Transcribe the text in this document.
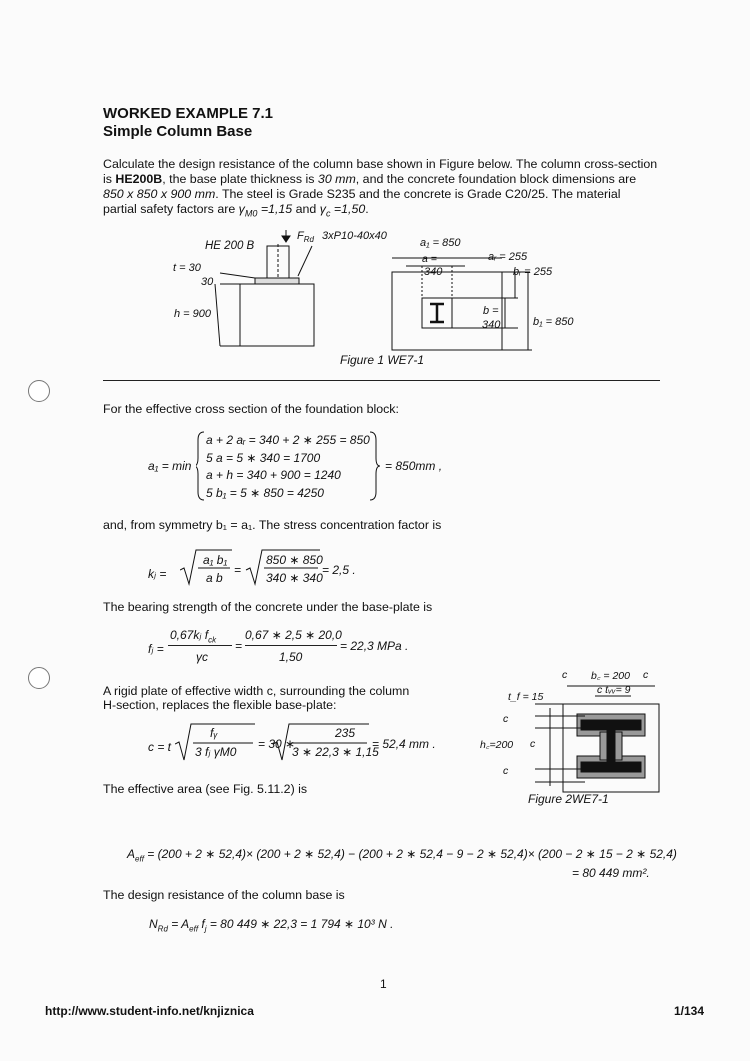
WORKED EXAMPLE 7.1
Simple Column Base
Calculate the design resistance of the column base shown in Figure below. The column cross-section
is HE200B, the base plate thickness is 30 mm, and the concrete foundation block dimensions are
850 x 850 x 900 mm. The steel is Grade S235 and the concrete is Grade C20/25. The material
partial safety factors are $\gamma_{M0} =1,15$ and $\gamma_c =1,50$.
HE 200 B
$F_{Rd}$ 3xP10-40x40
t = 30
30
h = 900
a₁ = 850
a =
340
aᵣ = 255
bᵣ = 255
b =
340	b₁ = 850
Figure 1 WE7-1
For the effective cross section of the foundation block:
a₁ = min
a + 2 aᵣ = 340 + 2 ∗ 255 = 850
5 a = 5 ∗ 340 = 1700
a + h = 340 + 900 = 1240
5 b₁ = 5 ∗ 850 = 4250
= 850mm ,
and, from symmetry b₁ = a₁. The stress concentration factor is
kⱼ =
a₁ b₁
a b
=
850 ∗ 850
340 ∗ 340
= 2,5 .
The bearing strength of the concrete under the base-plate is
fⱼ =
0,67kⱼ $f_{ck}$
γc
=
0,67 ∗ 2,5 ∗ 20,0
1,50
= 22,3 MPa .
A rigid plate of effective width c, surrounding the column
H-section, replaces the flexible base-plate:
c = t
fᵧ
3 fⱼ γM0
= 30 ∗
235
3 ∗ 22,3 ∗ 1,15
= 52,4 mm .
The effective area (see Fig. 5.11.2) is
c b꜀ = 200 c
c tᵥᵥ= 9
t_f = 15
c
h꜀=200 c
c
Figure 2WE7-1
$A_{eff} = (200 + 2$ ∗ 52,4)× (200 + 2 ∗ 52,4) − (200 + 2 ∗ 52,4 − 9 − 2 ∗ 52,4)× (200 − 2 ∗ 15 − 2 ∗ 52,4)
= 80 449 mm².
The design resistance of the column base is
$N_{Rd} = A_{eff}$ $f_j = 80$ 449 ∗ 22,3 = 1 794 ∗ 10³ N .
1
http://www.student-info.net/knjiznica	1/134
